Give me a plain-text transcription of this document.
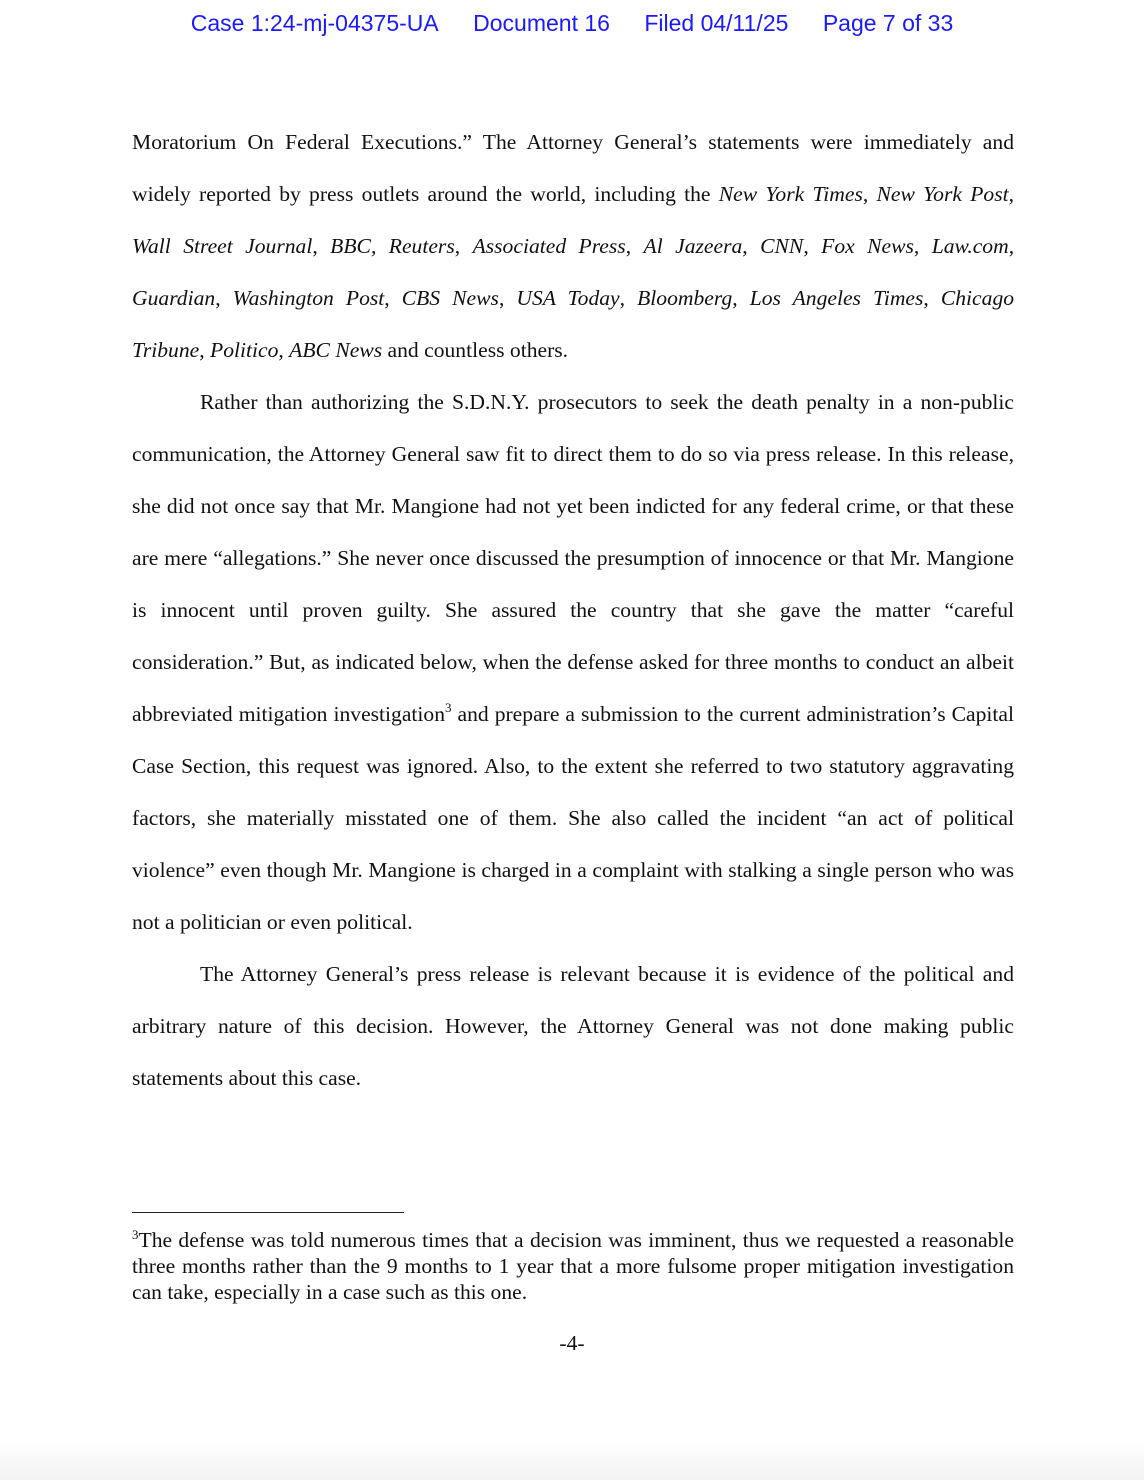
Case 1:24-mj-04375-UA Document 16 Filed 04/11/25 Page 7 of 33

Moratorium On Federal Executions.” The Attorney General’s statements were immediately and widely reported by press outlets around the world, including the New York Times, New York Post, Wall Street Journal, BBC, Reuters, Associated Press, Al Jazeera, CNN, Fox News, Law.com, Guardian, Washington Post, CBS News, USA Today, Bloomberg, Los Angeles Times, Chicago Tribune, Politico, ABC News and countless others.

Rather than authorizing the S.D.N.Y. prosecutors to seek the death penalty in a non-public communication, the Attorney General saw fit to direct them to do so via press release. In this release, she did not once say that Mr. Mangione had not yet been indicted for any federal crime, or that these are mere “allegations.” She never once discussed the presumption of innocence or that Mr. Mangione is innocent until proven guilty. She assured the country that she gave the matter “careful consideration.” But, as indicated below, when the defense asked for three months to conduct an albeit abbreviated mitigation investigation$^3$ and prepare a submission to the current administration’s Capital Case Section, this request was ignored. Also, to the extent she referred to two statutory aggravating factors, she materially misstated one of them. She also called the incident “an act of political violence” even though Mr. Mangione is charged in a complaint with stalking a single person who was not a politician or even political.

The Attorney General’s press release is relevant because it is evidence of the political and arbitrary nature of this decision. However, the Attorney General was not done making public statements about this case.

$^3$The defense was told numerous times that a decision was imminent, thus we requested a reasonable three months rather than the 9 months to 1 year that a more fulsome proper mitigation investigation can take, especially in a case such as this one.

-4-
